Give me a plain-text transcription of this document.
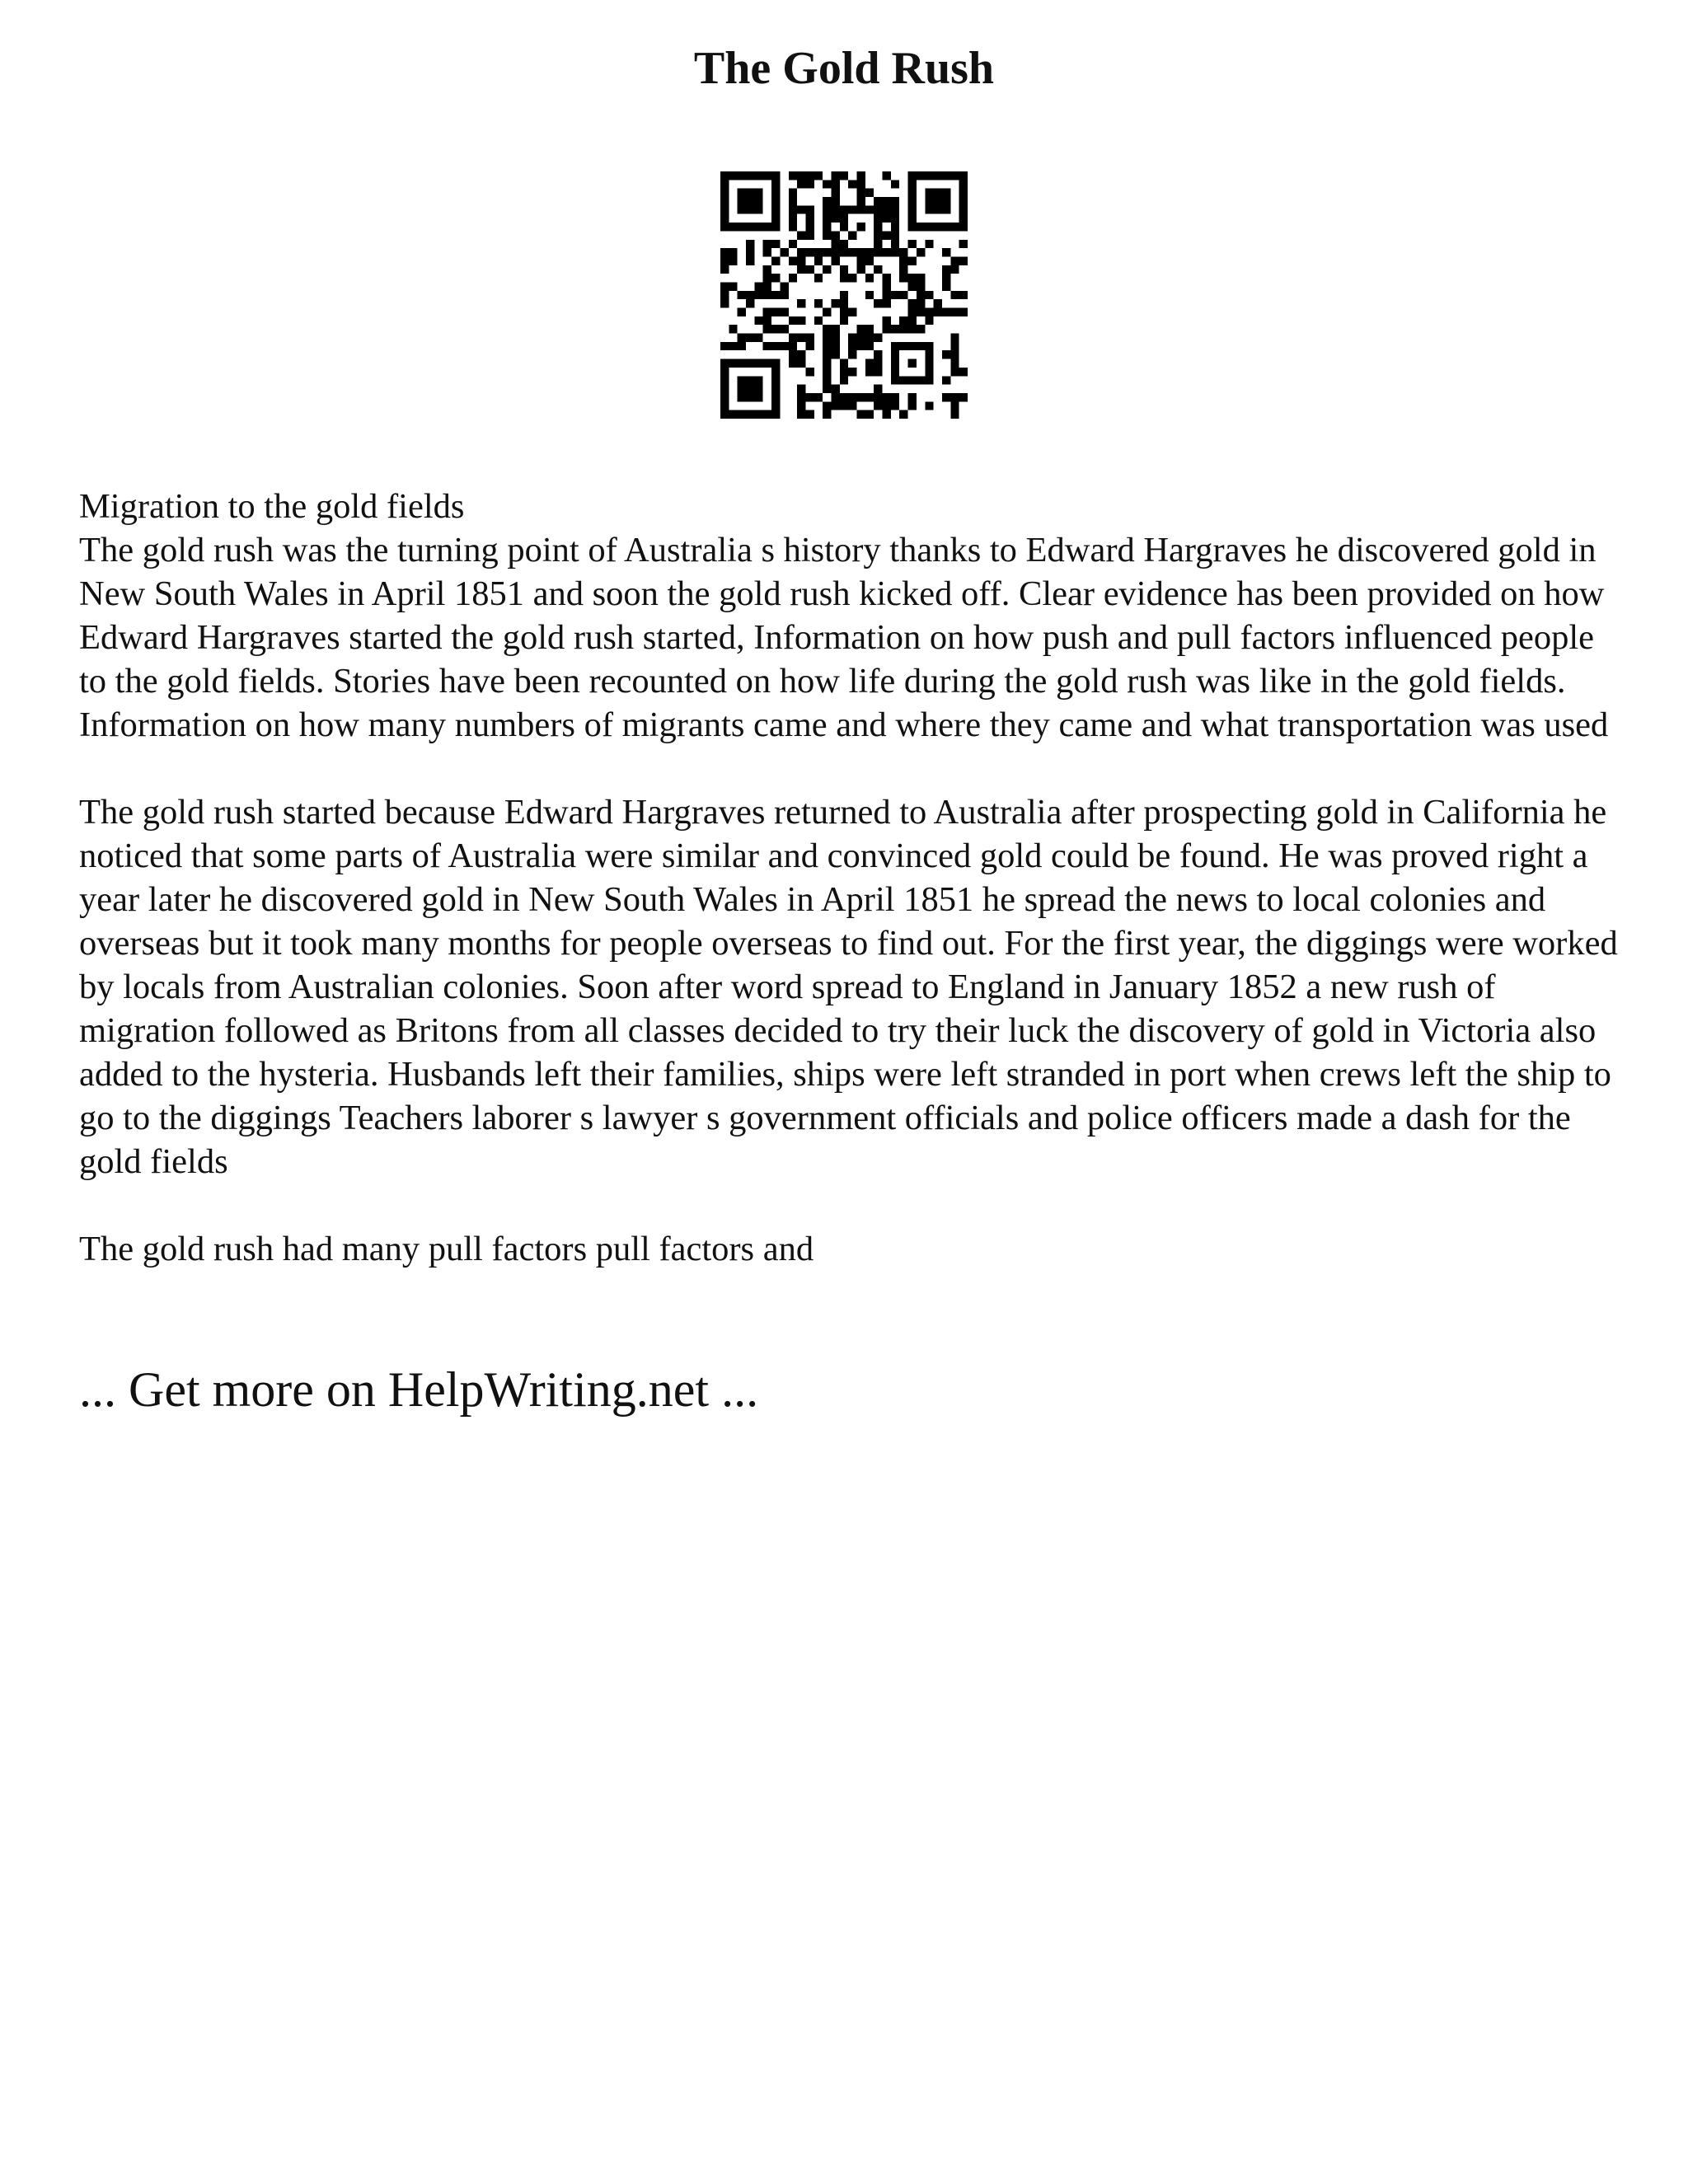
The Gold Rush

Migration to the gold fields

The gold rush was the turning point of Australia s history thanks to Edward Hargraves he discovered gold in New South Wales in April 1851 and soon the gold rush kicked off. Clear evidence has been provided on how Edward Hargraves started the gold rush started, Information on how push and pull factors influenced people to the gold fields. Stories have been recounted on how life during the gold rush was like in the gold fields. Information on how many numbers of migrants came and where they came and what transportation was used

The gold rush started because Edward Hargraves returned to Australia after prospecting gold in California he noticed that some parts of Australia were similar and convinced gold could be found. He was proved right a year later he discovered gold in New South Wales in April 1851 he spread the news to local colonies and overseas but it took many months for people overseas to find out. For the first year, the diggings were worked by locals from Australian colonies. Soon after word spread to England in January 1852 a new rush of migration followed as Britons from all classes decided to try their luck the discovery of gold in Victoria also added to the hysteria. Husbands left their families, ships were left stranded in port when crews left the ship to go to the diggings Teachers laborer s lawyer s government officials and police officers made a dash for the gold fields

The gold rush had many pull factors pull factors and

... Get more on HelpWriting.net ...
